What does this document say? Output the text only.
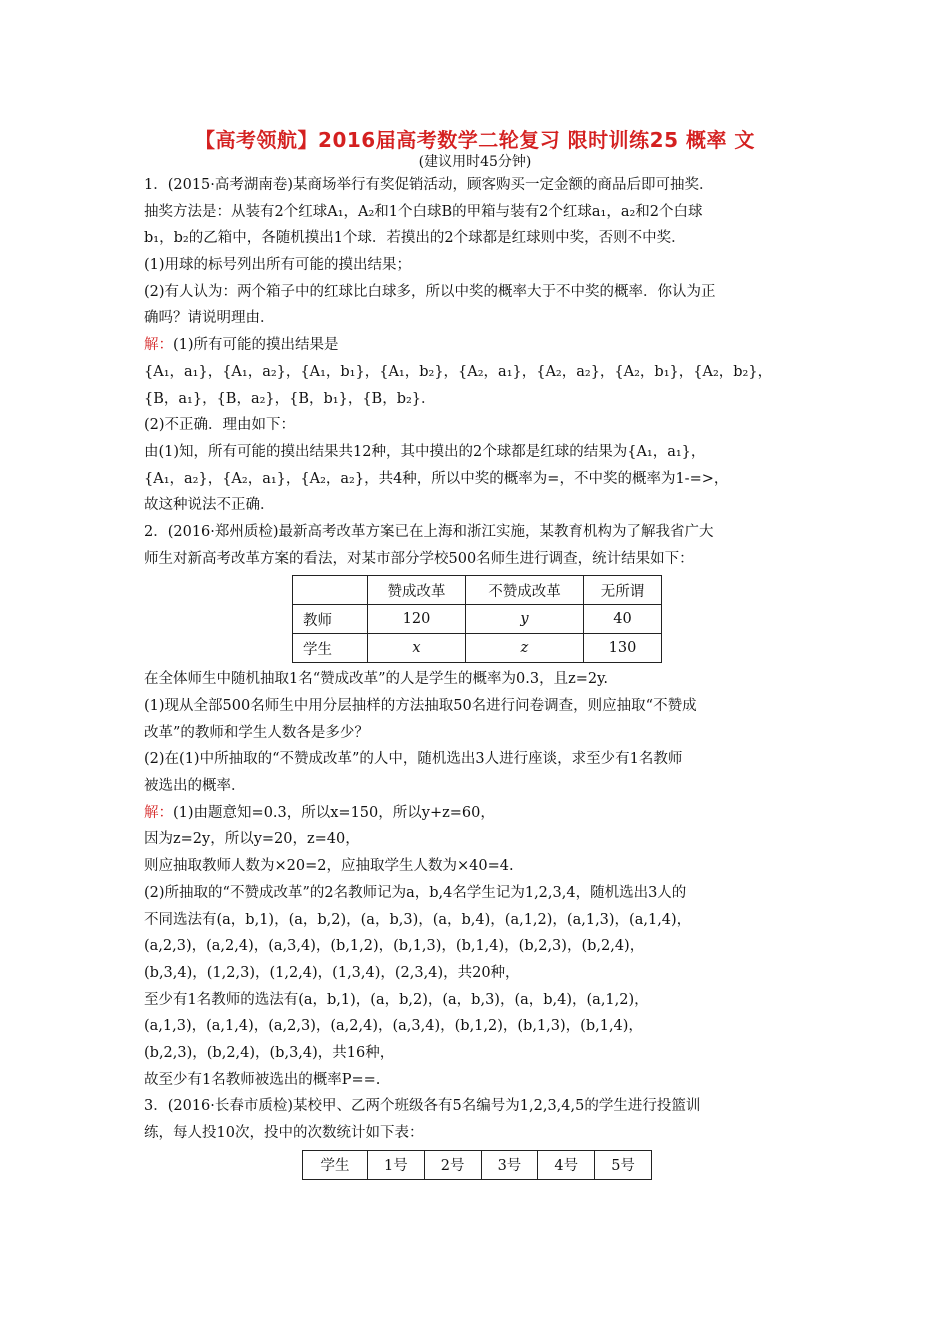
【高考领航】2016届高考数学二轮复习 限时训练25 概率 文
(建议用时45分钟)
1．(2015·高考湖南卷)某商场举行有奖促销活动，顾客购买一定金额的商品后即可抽奖．
抽奖方法是：从装有2个红球A₁，A₂和1个白球B的甲箱与装有2个红球a₁，a₂和2个白球
b₁，b₂的乙箱中，各随机摸出1个球．若摸出的2个球都是红球则中奖，否则不中奖．
(1)用球的标号列出所有可能的摸出结果；
(2)有人认为：两个箱子中的红球比白球多，所以中奖的概率大于不中奖的概率．你认为正
确吗？请说明理由．
解：(1)所有可能的摸出结果是
{A₁，a₁}，{A₁，a₂}，{A₁，b₁}，{A₁，b₂}，{A₂，a₁}，{A₂，a₂}，{A₂，b₁}，{A₂，b₂}，
{B，a₁}，{B，a₂}，{B，b₁}，{B，b₂}．
(2)不正确．理由如下：
由(1)知，所有可能的摸出结果共12种，其中摸出的2个球都是红球的结果为{A₁，a₁}，
{A₁，a₂}，{A₂，a₁}，{A₂，a₂}，共4种，所以中奖的概率为=，不中奖的概率为1-=>，
故这种说法不正确．
2．(2016·郑州质检)最新高考改革方案已在上海和浙江实施，某教育机构为了解我省广大
师生对新高考改革方案的看法，对某市部分学校500名师生进行调查，统计结果如下：
	赞成改革	不赞成改革	无所谓
教师	120	y	40
学生	x	z	130
在全体师生中随机抽取1名“赞成改革”的人是学生的概率为0.3，且z=2y.
(1)现从全部500名师生中用分层抽样的方法抽取50名进行问卷调查，则应抽取“不赞成
改革”的教师和学生人数各是多少？
(2)在(1)中所抽取的“不赞成改革”的人中，随机选出3人进行座谈，求至少有1名教师
被选出的概率．
解：(1)由题意知=0.3，所以x=150，所以y+z=60，
因为z=2y，所以y=20，z=40，
则应抽取教师人数为×20=2，应抽取学生人数为×40=4.
(2)所抽取的“不赞成改革”的2名教师记为a，b,4名学生记为1,2,3,4，随机选出3人的
不同选法有(a，b,1)，(a，b,2)，(a，b,3)，(a，b,4)，(a,1,2)，(a,1,3)，(a,1,4)，
(a,2,3)，(a,2,4)，(a,3,4)，(b,1,2)，(b,1,3)，(b,1,4)，(b,2,3)，(b,2,4)，
(b,3,4)，(1,2,3)，(1,2,4)，(1,3,4)，(2,3,4)，共20种，
至少有1名教师的选法有(a，b,1)，(a，b,2)，(a，b,3)，(a，b,4)，(a,1,2)，
(a,1,3)，(a,1,4)，(a,2,3)，(a,2,4)，(a,3,4)，(b,1,2)，(b,1,3)，(b,1,4)，
(b,2,3)，(b,2,4)，(b,3,4)，共16种，
故至少有1名教师被选出的概率P==.
3．(2016·长春市质检)某校甲、乙两个班级各有5名编号为1,2,3,4,5的学生进行投篮训
练，每人投10次，投中的次数统计如下表：
学生	1号	2号	3号	4号	5号
